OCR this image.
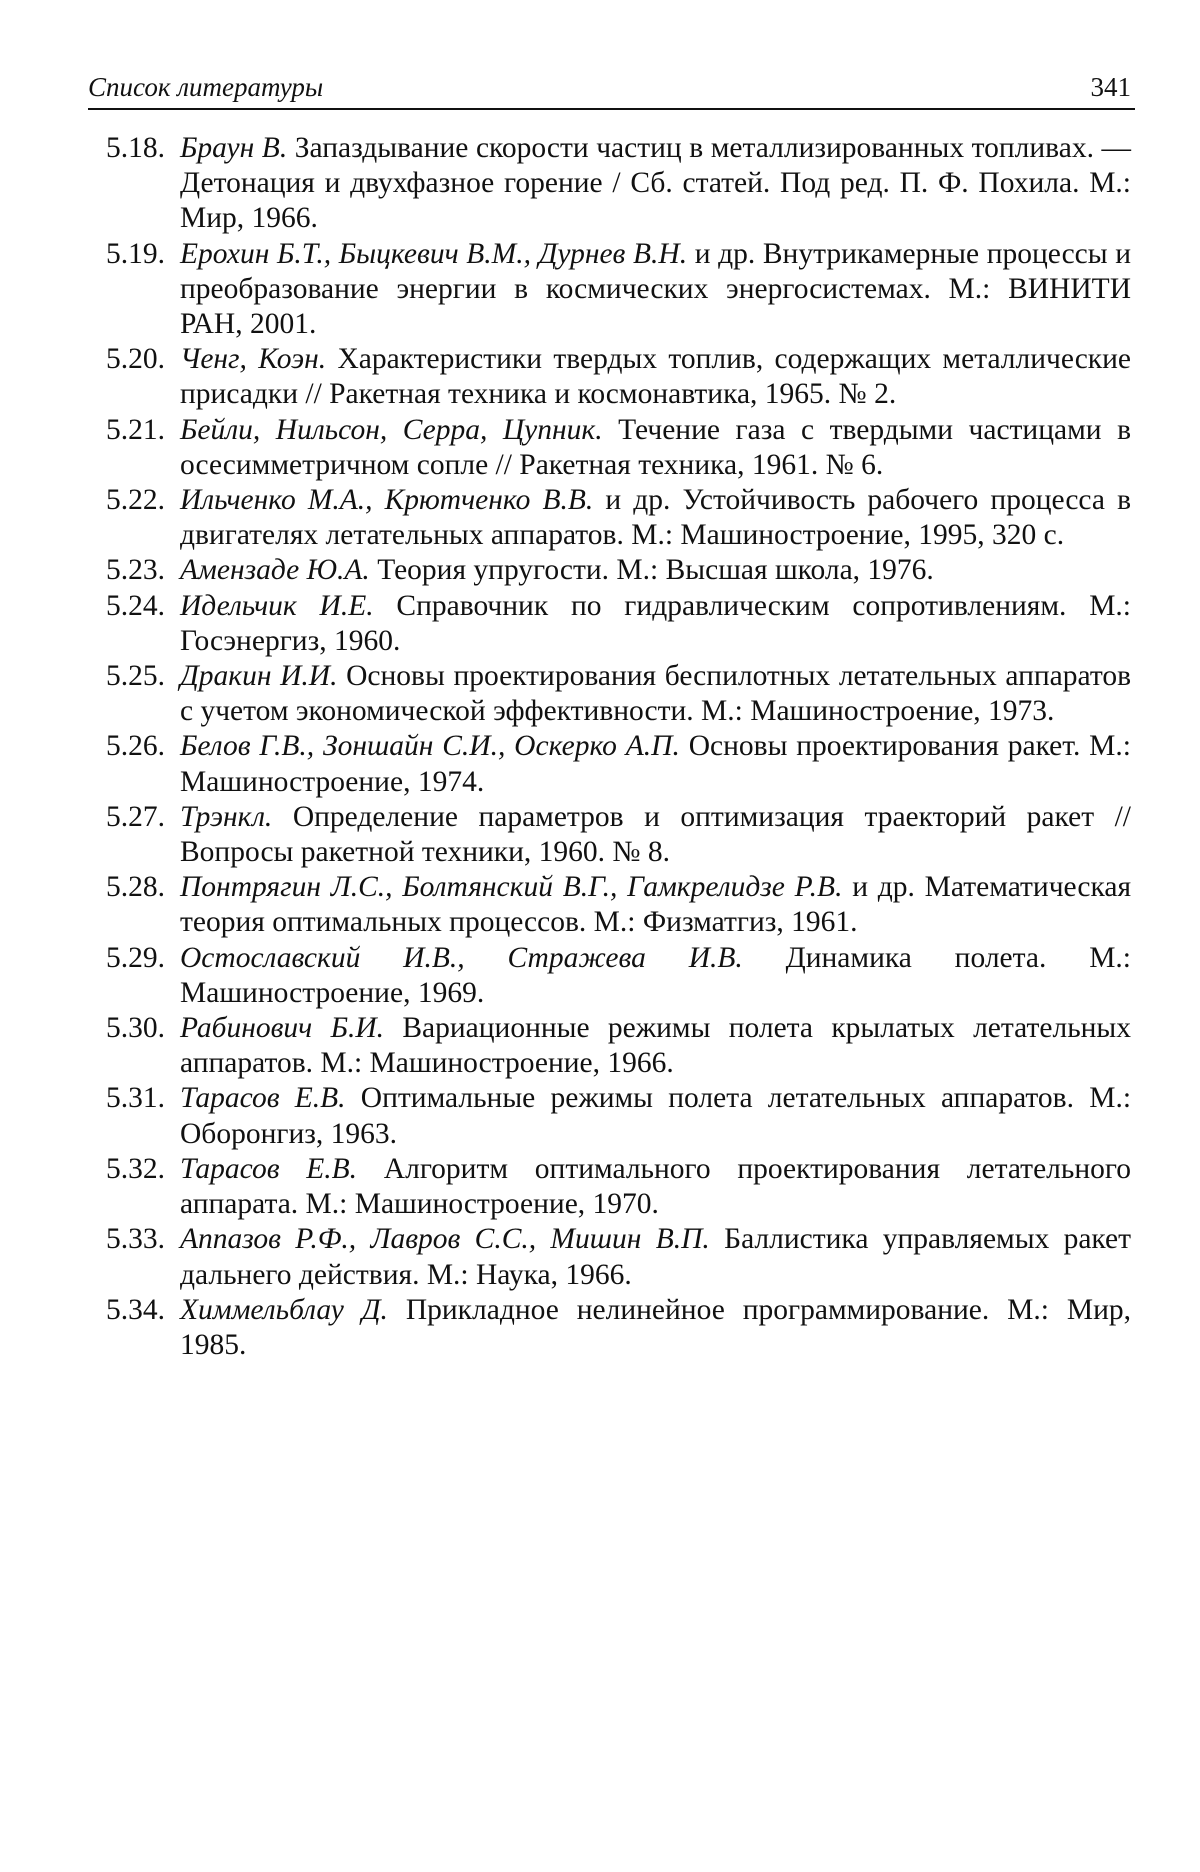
Список литературы	341
5.18. Браун В. Запаздывание скорости частиц в металлизированных топливах. — Детонация и двухфазное горение / Сб. статей. Под ред. П. Ф. Похила. М.: Мир, 1966.
5.19. Ерохин Б.Т., Быцкевич В.М., Дурнев В.Н. и др. Внутрикамерные процессы и преобразование энергии в космических энергосистемах. М.: ВИНИТИ РАН, 2001.
5.20. Ченг, Коэн. Характеристики твердых топлив, содержащих металлические присадки // Ракетная техника и космонавтика, 1965. № 2.
5.21. Бейли, Нильсон, Серра, Цупник. Течение газа с твердыми частицами в осесимметричном сопле // Ракетная техника, 1961. № 6.
5.22. Ильченко М.А., Крютченко В.В. и др. Устойчивость рабочего процесса в двигателях летательных аппаратов. М.: Машиностроение, 1995, 320 с.
5.23. Амензаде Ю.А. Теория упругости. М.: Высшая школа, 1976.
5.24. Идельчик И.Е. Справочник по гидравлическим сопротивлениям. М.: Госэнергиз, 1960.
5.25. Дракин И.И. Основы проектирования беспилотных летательных аппаратов с учетом экономической эффективности. М.: Машиностроение, 1973.
5.26. Белов Г.В., Зоншайн С.И., Оскерко А.П. Основы проектирования ракет. М.: Машиностроение, 1974.
5.27. Трэнкл. Определение параметров и оптимизация траекторий ракет // Вопросы ракетной техники, 1960. № 8.
5.28. Понтрягин Л.С., Болтянский В.Г., Гамкрелидзе Р.В. и др. Математическая теория оптимальных процессов. М.: Физматгиз, 1961.
5.29. Остославский И.В., Стражева И.В. Динамика полета. М.: Машиностроение, 1969.
5.30. Рабинович Б.И. Вариационные режимы полета крылатых летательных аппаратов. М.: Машиностроение, 1966.
5.31. Тарасов Е.В. Оптимальные режимы полета летательных аппаратов. М.: Оборонгиз, 1963.
5.32. Тарасов Е.В. Алгоритм оптимального проектирования летательного аппарата. М.: Машиностроение, 1970.
5.33. Аппазов Р.Ф., Лавров С.С., Мишин В.П. Баллистика управляемых ракет дальнего действия. М.: Наука, 1966.
5.34. Химмельблау Д. Прикладное нелинейное программирование. М.: Мир, 1985.
